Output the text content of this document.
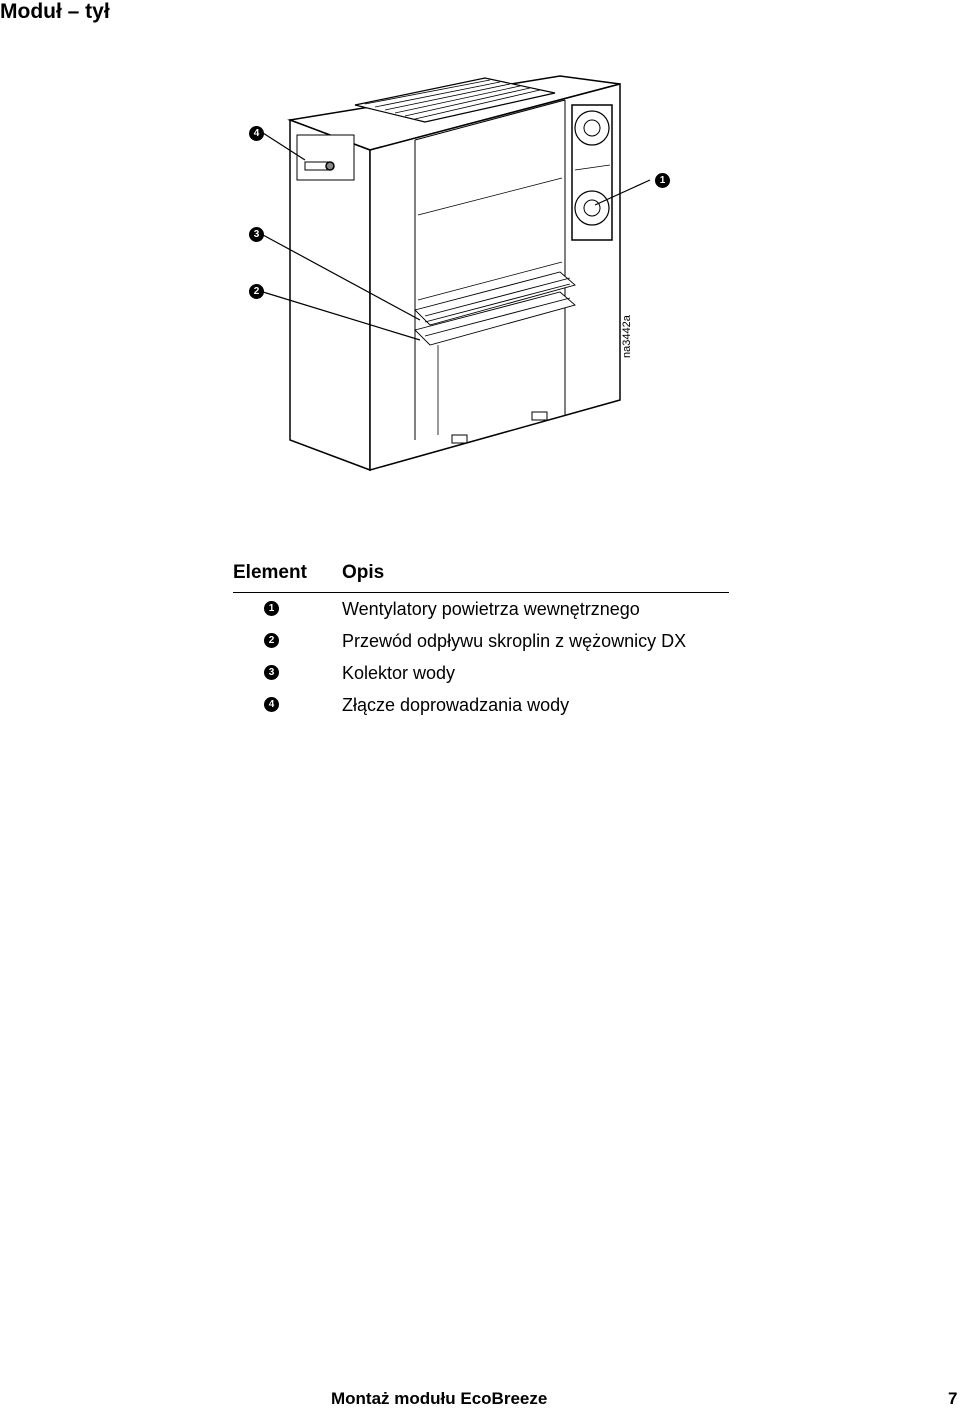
Moduł – tył
na3442a
4
1
3
2
Element	Opis
1	Wentylatory powietrza wewnętrznego
2	Przewód odpływu skroplin z wężownicy DX
3	Kolektor wody
4	Złącze doprowadzania wody
Montaż modułu EcoBreeze	7
